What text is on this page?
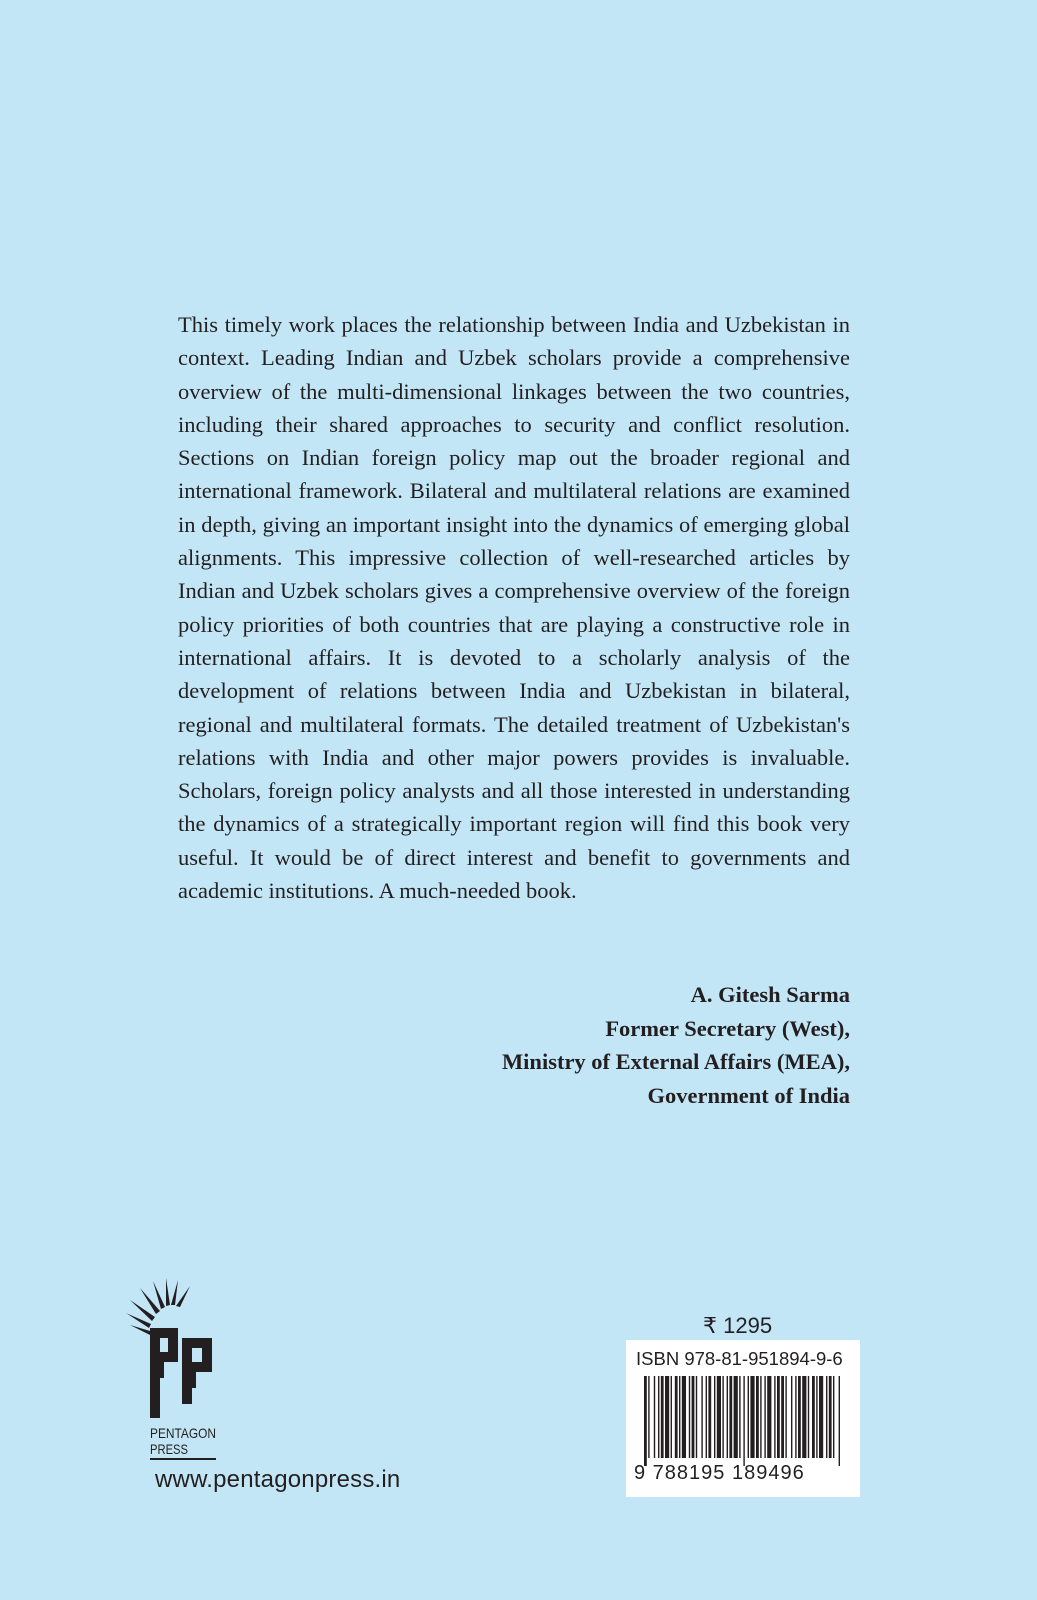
This timely work places the relationship between India and Uzbekistan in context. Leading Indian and Uzbek scholars provide a comprehensive overview of the multi-dimensional linkages between the two countries, including their shared approaches to security and conflict resolution. Sections on Indian foreign policy map out the broader regional and international framework. Bilateral and multilateral relations are examined in depth, giving an important insight into the dynamics of emerging global alignments. This impressive collection of well-researched articles by Indian and Uzbek scholars gives a comprehensive overview of the foreign policy priorities of both countries that are playing a constructive role in international affairs. It is devoted to a scholarly analysis of the development of relations between India and Uzbekistan in bilateral, regional and multilateral formats. The detailed treatment of Uzbekistan's relations with India and other major powers provides is invaluable. Scholars, foreign policy analysts and all those interested in understanding the dynamics of a strategically important region will find this book very useful. It would be of direct interest and benefit to governments and academic institutions. A much-needed book.

A. Gitesh Sarma
Former Secretary (West),
Ministry of External Affairs (MEA),
Government of India
PENTAGON
PRESS
www.pentagonpress.in
₹ 1295
ISBN 978-81-951894-9-6
9 788195 189496
